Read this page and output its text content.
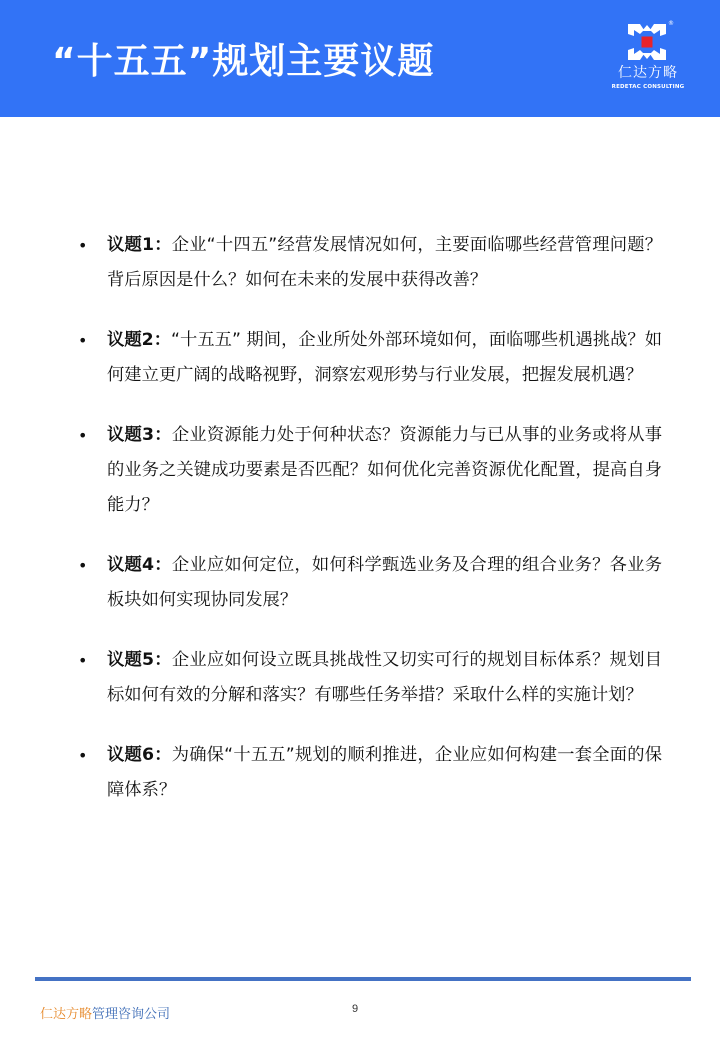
“十五五”规划主要议题
®
仁达方略
REDETAC CONSULTING
• 议题1：企业“十四五”经营发展情况如何，主要面临哪些经营管理问题？背后原因是什么？如何在未来的发展中获得改善？
• 议题2：“十五五” 期间，企业所处外部环境如何，面临哪些机遇挑战？如何建立更广阔的战略视野，洞察宏观形势与行业发展，把握发展机遇？
• 议题3：企业资源能力处于何种状态？资源能力与已从事的业务或将从事的业务之关键成功要素是否匹配？如何优化完善资源优化配置，提高自身能力？
• 议题4：企业应如何定位，如何科学甄选业务及合理的组合业务？各业务板块如何实现协同发展？
• 议题5：企业应如何设立既具挑战性又切实可行的规划目标体系？规划目标如何有效的分解和落实？有哪些任务举措？采取什么样的实施计划？
• 议题6：为确保“十五五”规划的顺利推进，企业应如何构建一套全面的保障体系？
仁达方略管理咨询公司	9
